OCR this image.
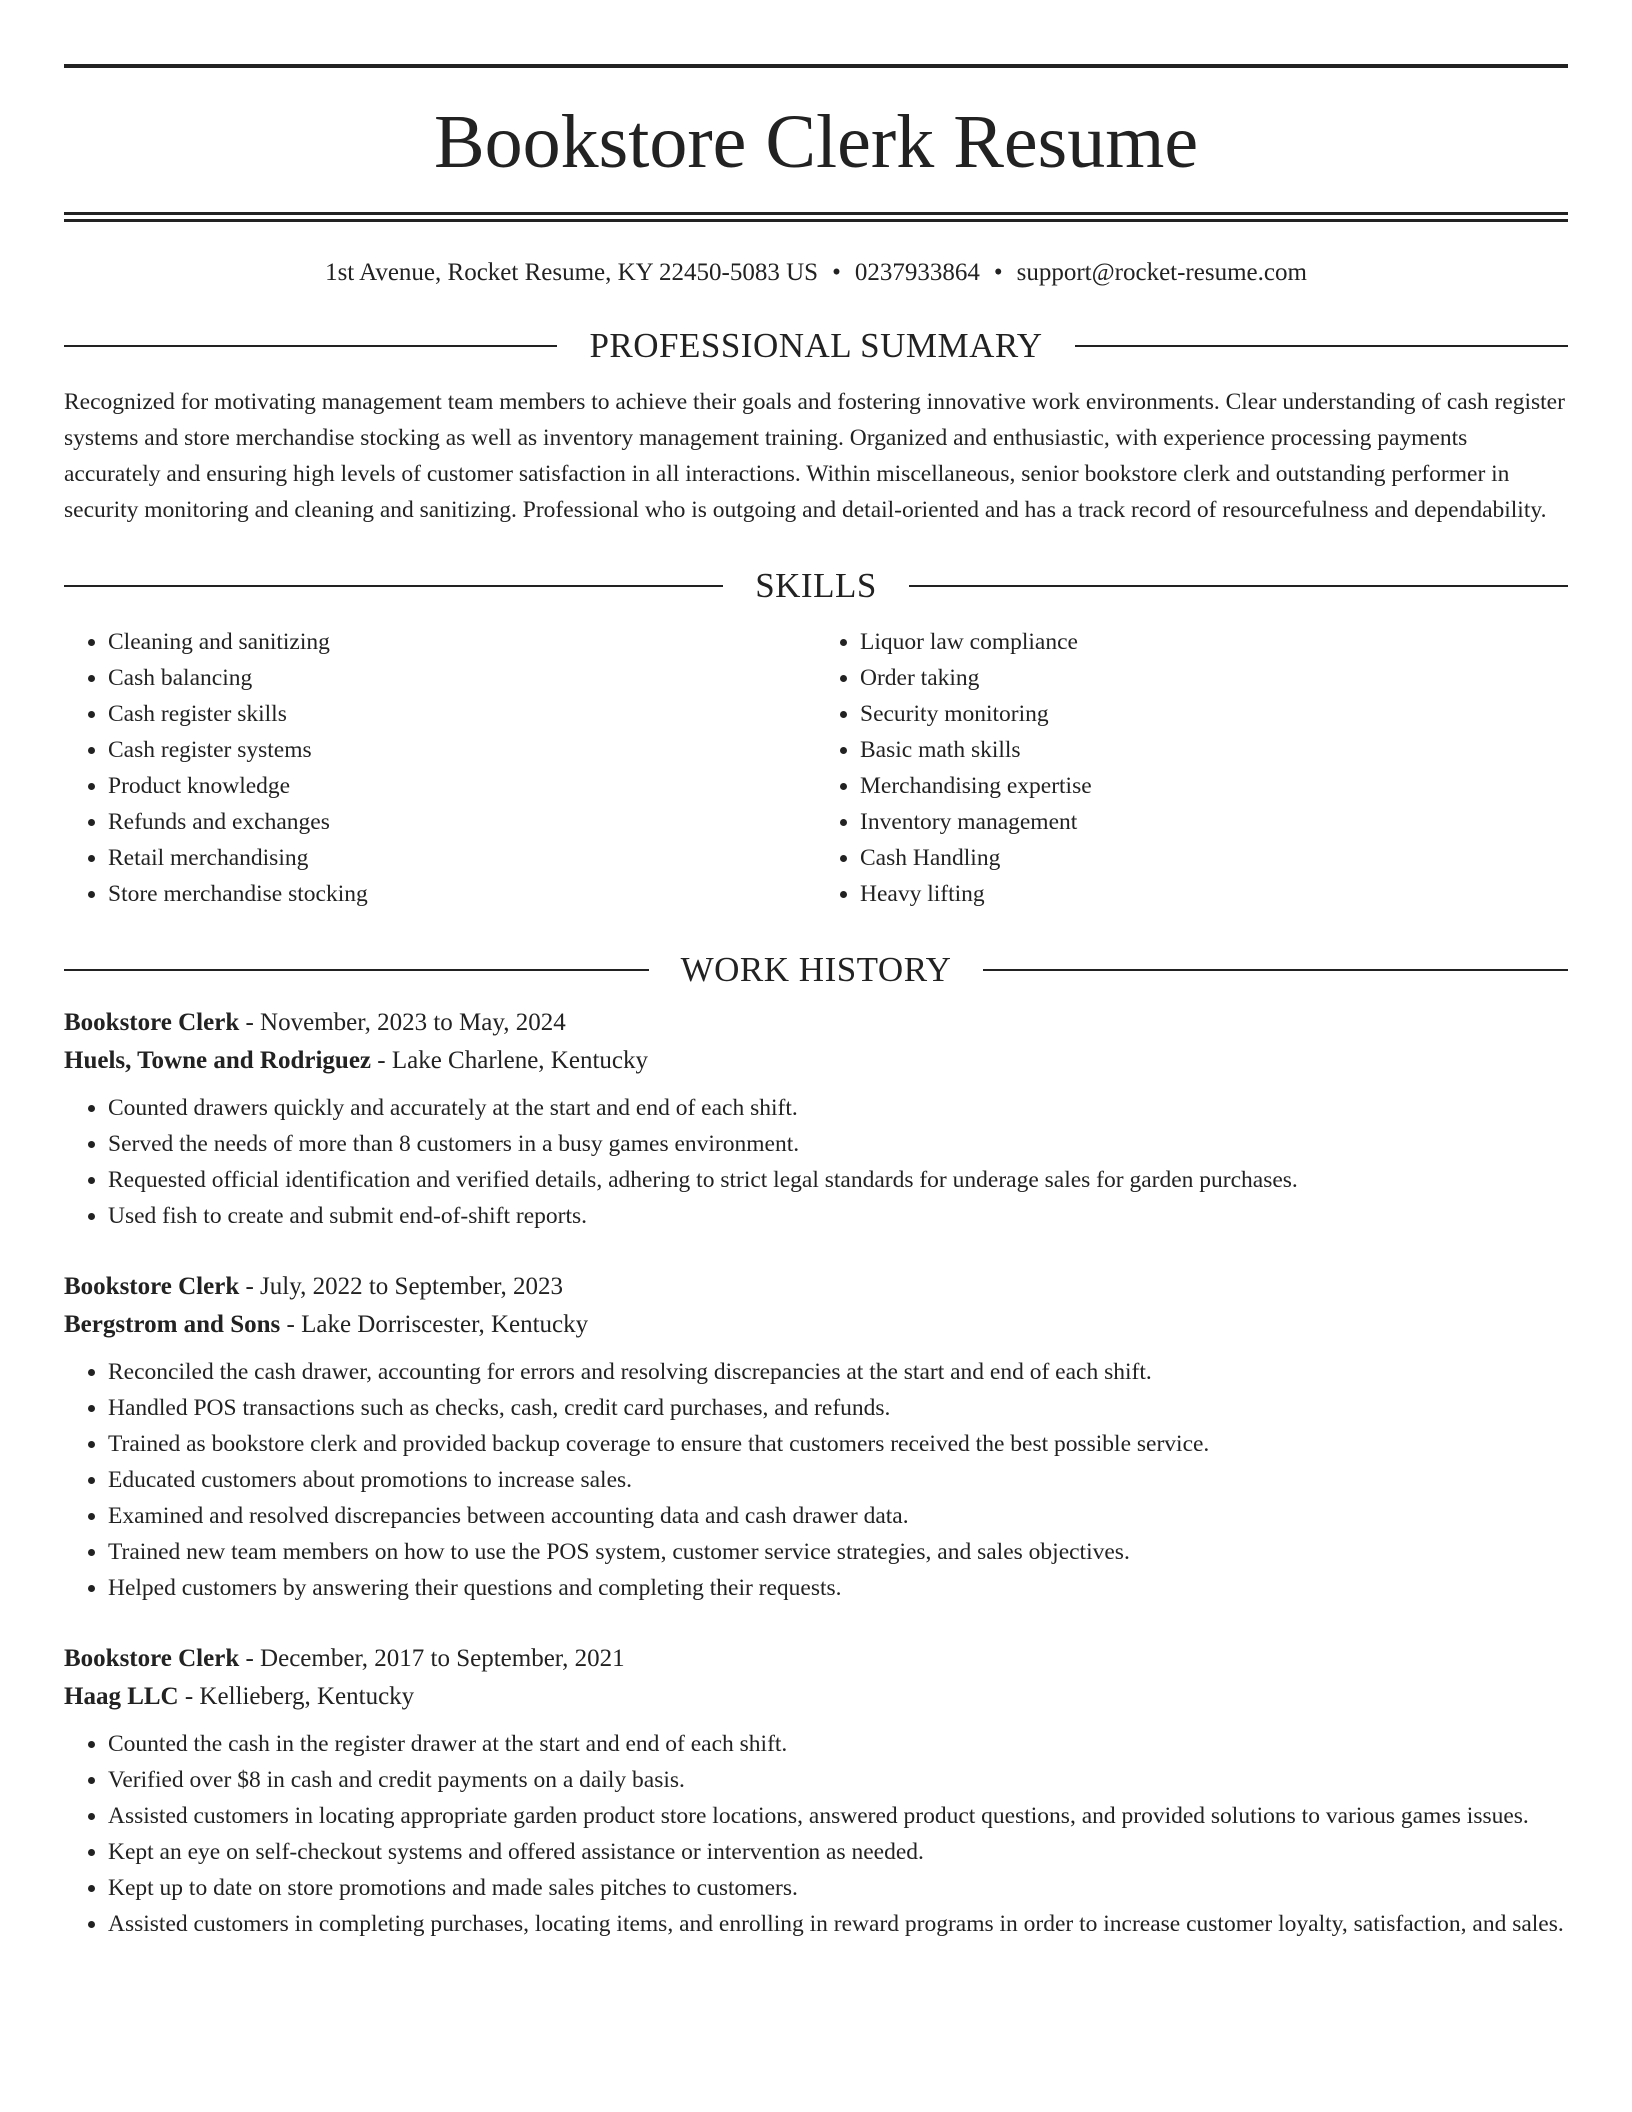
Bookstore Clerk Resume
1st Avenue, Rocket Resume, KY 22450-5083 US • 0237933864 • support@rocket-resume.com
PROFESSIONAL SUMMARY
Recognized for motivating management team members to achieve their goals and fostering innovative work environments. Clear understanding of cash register systems and store merchandise stocking as well as inventory management training. Organized and enthusiastic, with experience processing payments accurately and ensuring high levels of customer satisfaction in all interactions. Within miscellaneous, senior bookstore clerk and outstanding performer in security monitoring and cleaning and sanitizing. Professional who is outgoing and detail-oriented and has a track record of resourcefulness and dependability.
SKILLS
• Cleaning and sanitizing
• Cash balancing
• Cash register skills
• Cash register systems
• Product knowledge
• Refunds and exchanges
• Retail merchandising
• Store merchandise stocking
• Liquor law compliance
• Order taking
• Security monitoring
• Basic math skills
• Merchandising expertise
• Inventory management
• Cash Handling
• Heavy lifting
WORK HISTORY
Bookstore Clerk - November, 2023 to May, 2024
Huels, Towne and Rodriguez - Lake Charlene, Kentucky
• Counted drawers quickly and accurately at the start and end of each shift.
• Served the needs of more than 8 customers in a busy games environment.
• Requested official identification and verified details, adhering to strict legal standards for underage sales for garden purchases.
• Used fish to create and submit end-of-shift reports.
Bookstore Clerk - July, 2022 to September, 2023
Bergstrom and Sons - Lake Dorriscester, Kentucky
• Reconciled the cash drawer, accounting for errors and resolving discrepancies at the start and end of each shift.
• Handled POS transactions such as checks, cash, credit card purchases, and refunds.
• Trained as bookstore clerk and provided backup coverage to ensure that customers received the best possible service.
• Educated customers about promotions to increase sales.
• Examined and resolved discrepancies between accounting data and cash drawer data.
• Trained new team members on how to use the POS system, customer service strategies, and sales objectives.
• Helped customers by answering their questions and completing their requests.
Bookstore Clerk - December, 2017 to September, 2021
Haag LLC - Kellieberg, Kentucky
• Counted the cash in the register drawer at the start and end of each shift.
• Verified over $8 in cash and credit payments on a daily basis.
• Assisted customers in locating appropriate garden product store locations, answered product questions, and provided solutions to various games issues.
• Kept an eye on self-checkout systems and offered assistance or intervention as needed.
• Kept up to date on store promotions and made sales pitches to customers.
• Assisted customers in completing purchases, locating items, and enrolling in reward programs in order to increase customer loyalty, satisfaction, and sales.
